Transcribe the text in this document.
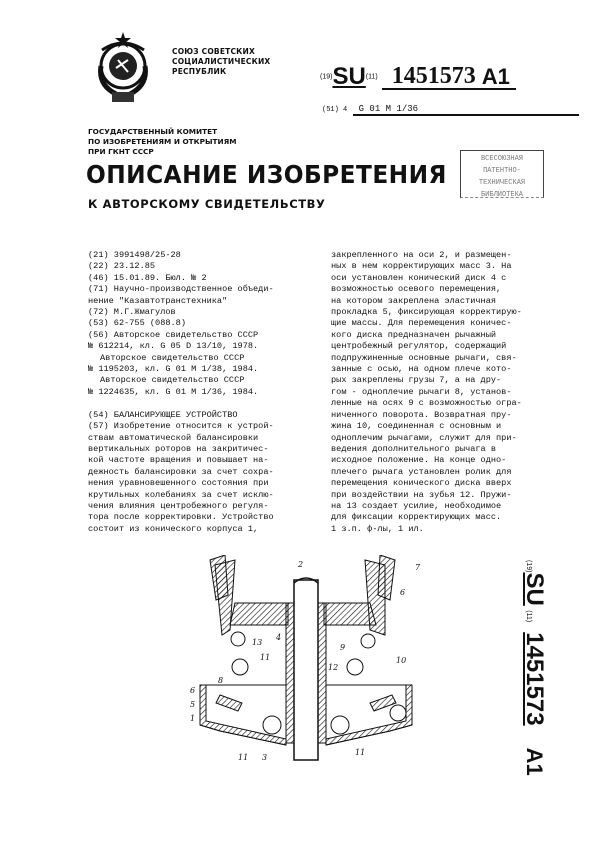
СОЮЗ СОВЕТСКИХ
СОЦИАЛИСТИЧЕСКИХ
РЕСПУБЛИК
(19)SU(11) 1451573 A1
(51) 4 G 01 M 1/36
ГОСУДАРСТВЕННЫЙ КОМИТЕТ
ПО ИЗОБРЕТЕНИЯМ И ОТКРЫТИЯМ
ПРИ ГКНТ СССР
ОПИСАНИЕ ИЗОБРЕТЕНИЯ
К АВТОРСКОМУ СВИДЕТЕЛЬСТВУ
ВСЕСОЮЗНАЯ
ПАТЕНТНО-ТЕХНИЧЕСКАЯ
БИБЛИОТЕКА
(21) 3991498/25-28
(22) 23.12.85
(46) 15.01.89. Бюл. № 2
(71) Научно-производственное объеди-
нение "Казавтотранстехника"
(72) М.Г.Жмагулов
(53) 62-755 (088.8)
(56) Авторское свидетельство СССР
№ 612214, кл. G 05 D 13/10, 1978.
Авторское свидетельство СССР
№ 1195203, кл. G 01 M 1/38, 1984.
Авторское свидетельство СССР
№ 1224635, кл. G 01 M 1/36, 1984.

(54) БАЛАНСИРУЮЩЕЕ УСТРОЙСТВО
(57) Изобретение относится к устрой-
ствам автоматической балансировки
вертикальных роторов на закритичес-
кой частоте вращения и повышает на-
дежность балансировки за счет сохра-
нения уравновешенного состояния при
крутильных колебаниях за счет исклю-
чения влияния центробежного регуля-
тора после корректировки. Устройство
состоит из конического корпуса 1,
закрепленного на оси 2, и размещен-
ных в нем корректирующих масс 3. На
оси установлен конический диск 4 с
возможностью осевого перемещения,
на котором закреплена эластичная
прокладка 5, фиксирующая корректирую-
щие массы. Для перемещения коничес-
кого диска предназначен рычажный
центробежный регулятор, содержащий
подпружиненные основные рычаги, свя-
занные с осью, на одном плече кото-
рых закреплены грузы 7, а на дру-
гом - одноплечие рычаги 8, установ-
ленные на осях 9 с возможностью огра-
ниченного поворота. Возвратная пру-
жина 10, соединенная с основным и
одноплечим рычагами, служит для при-
ведения дополнительного рычага в
исходное положение. На конце одно-
плечего рычага установлен ролик для
перемещения конического диска вверх
при воздействии на зубья 12. Пружи-
на 13 создает усилие, необходимое
для фиксации корректирующих масс.
1 з.п. ф-лы, 1 ил.
(19)SU (11)1451573A1
2	7
6
13
4
9
12
11	10
8
6
5
1
11 3
11
